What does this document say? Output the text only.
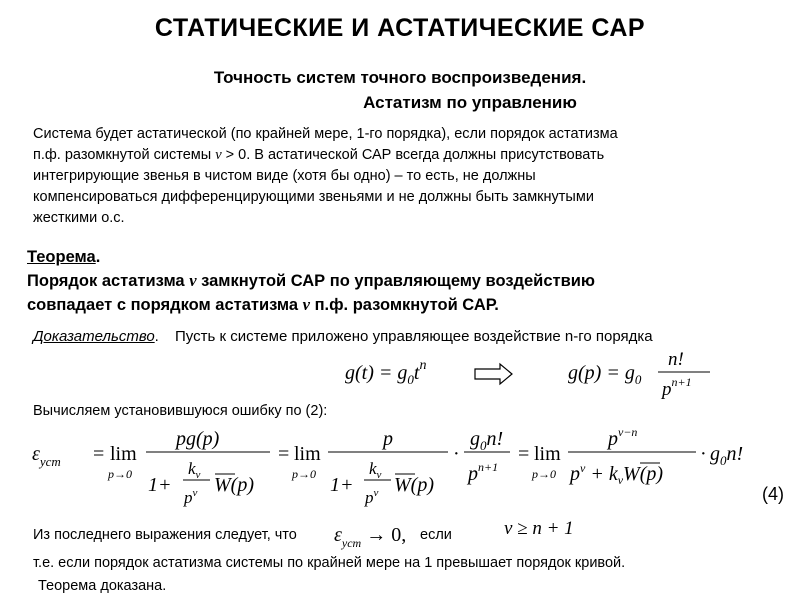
СТАТИЧЕСКИЕ И АСТАТИЧЕСКИЕ САР
Точность систем точного воспроизведения.
Астатизм по управлению
Система будет астатической (по крайней мере, 1-го порядка), если порядок астатизма
п.ф. разомкнутой системы ν > 0. В астатической САР всегда должны присутствовать
интегрирующие звенья в чистом виде (хотя бы одно) – то есть, не должны
компенсироваться дифференцирующими звеньями и не должны быть замкнутыми
жесткими о.с.
Теорема.
Порядок астатизма ν замкнутой САР по управляющему воздействию
совпадает с порядком астатизма ν п.ф. разомкнутой САР.
Доказательство. Пусть к системе приложено управляющее воздействие n-го порядка
$g(t) = g_0t^n$	$g(p) = g_0$
n!
$p^{n+1}$
Вычисляем установившуюся ошибку по (2):
$\varepsilon_{уст} = \lim$
p→0
pg(p)
1+
$k_\nu$
$p^\nu$ W(p)
= lim
p→0
p
1+
$k_\nu$
$p^\nu$ W(p)
·
$g_0n$!
$p^{n+1}$
= lim
p→0
$p^{\nu-n}$
$p^\nu + k_\nu W(p)$
· $g_0n$!
(4)
Из последнего выражения следует, что $\varepsilon_{уст} \to 0$, если	ν ≥ n + 1
т.е. если порядок астатизма системы по крайней мере на 1 превышает порядок кривой.
Теорема доказана.
